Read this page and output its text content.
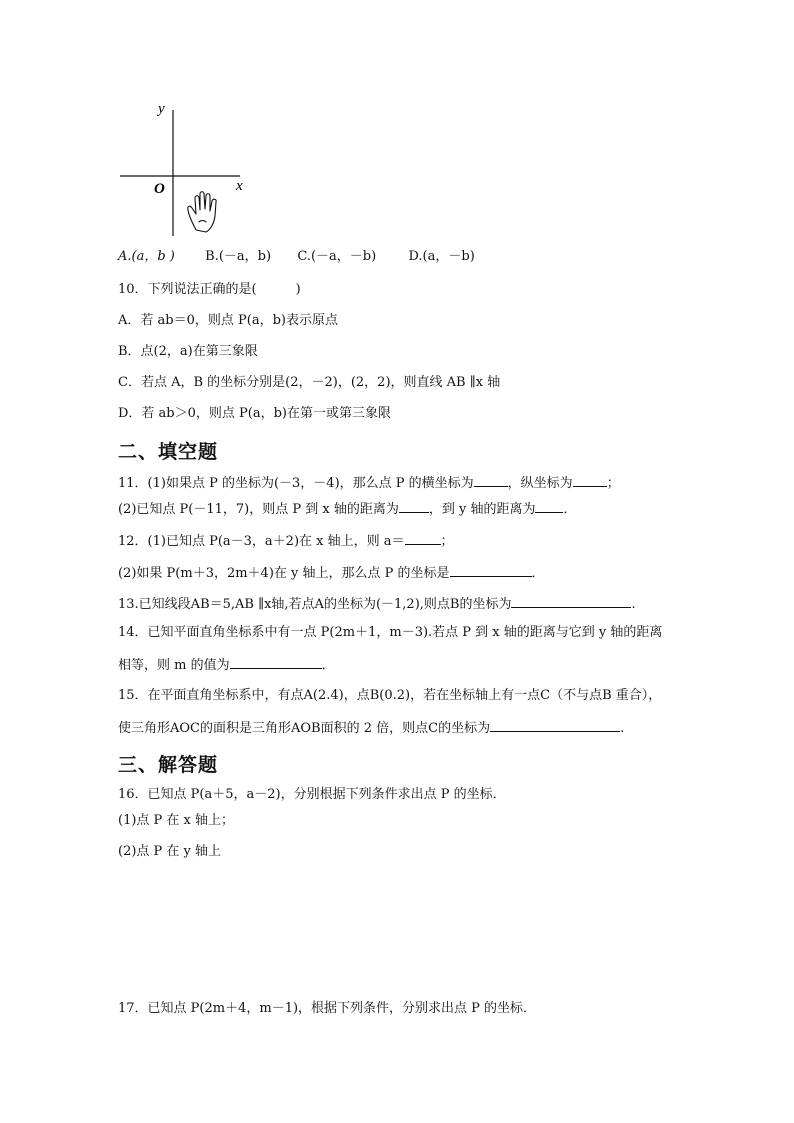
y
x
O
A.(a，b ) B.(－a，b) C.(－a，－b) D.(a，－b)
10．下列说法正确的是(　　　)
A．若 ab＝0，则点 P(a，b)表示原点
B．点(2，a)在第三象限
C．若点 A，B 的坐标分别是(2，－2)，(2，2)，则直线 AB ∥x 轴
D．若 ab＞0，则点 P(a，b)在第一或第三象限
二、填空题
11．(1)如果点 P 的坐标为(－3，－4)，那么点 P 的横坐标为	，纵坐标为	；
(2)已知点 P(－11，7)，则点 P 到 x 轴的距离为 ，到 y 轴的距离为 ．
12．(1)已知点 P(a－3，a＋2)在 x 轴上，则 a＝	；
(2)如果 P(m＋3，2m＋4)在 y 轴上，那么点 P 的坐标是	．
13.已知线段AB＝5,AB ∥x轴,若点A的坐标为(－1,2),则点B的坐标为	.
14．已知平面直角坐标系中有一点 P(2m＋1，m－3).若点 P 到 x 轴的距离与它到 y 轴的距离
相等，则 m 的值为	．
15．在平面直角坐标系中，有点A(2.4)，点B(0.2)，若在坐标轴上有一点C（不与点B 重合），
使三角形AOC的面积是三角形AOB面积的 2 倍，则点C的坐标为	.
三、解答题
16．已知点 P(a＋5，a－2)，分别根据下列条件求出点 P 的坐标．
(1)点 P 在 x 轴上；
(2)点 P 在 y 轴上
17．已知点 P(2m＋4，m－1)，根据下列条件，分别求出点 P 的坐标．
